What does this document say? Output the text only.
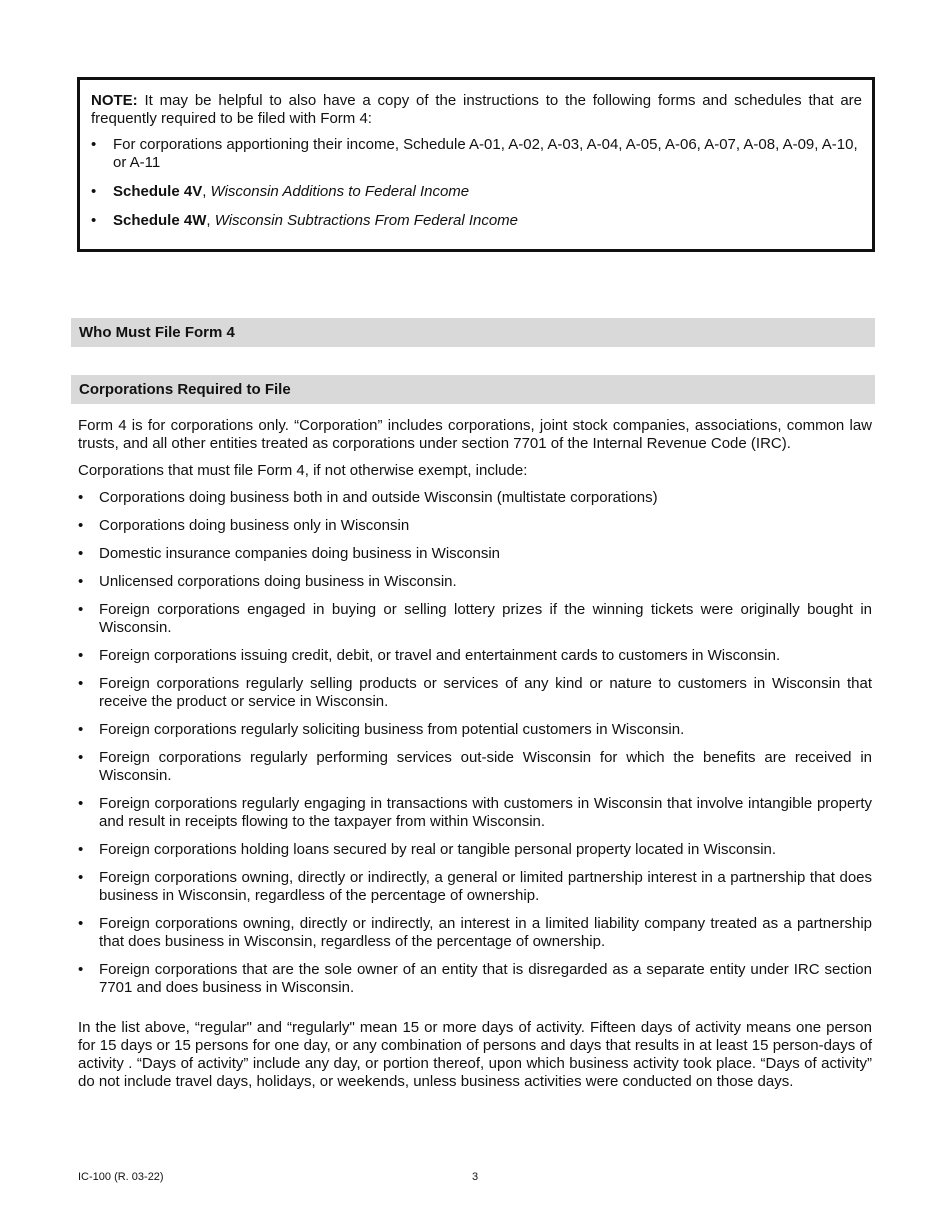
NOTE: It may be helpful to also have a copy of the instructions to the following forms and schedules that are frequently required to be filed with Form 4:

• For corporations apportioning their income, Schedule A-01, A-02, A-03, A-04, A-05, A-06, A-07, A-08, A-09, A-10, or A-11
• Schedule 4V, Wisconsin Additions to Federal Income
• Schedule 4W, Wisconsin Subtractions From Federal Income
Who Must File Form 4
Corporations Required to File

Form 4 is for corporations only. “Corporation” includes corporations, joint stock companies, associations, common law trusts, and all other entities treated as corporations under section 7701 of the Internal Revenue Code (IRC).

Corporations that must file Form 4, if not otherwise exempt, include:

• Corporations doing business both in and outside Wisconsin (multistate corporations)
• Corporations doing business only in Wisconsin
• Domestic insurance companies doing business in Wisconsin
• Unlicensed corporations doing business in Wisconsin.
• Foreign corporations engaged in buying or selling lottery prizes if the winning tickets were originally bought in Wisconsin.
• Foreign corporations issuing credit, debit, or travel and entertainment cards to customers in Wisconsin.
• Foreign corporations regularly selling products or services of any kind or nature to customers in Wisconsin that receive the product or service in Wisconsin.
• Foreign corporations regularly soliciting business from potential customers in Wisconsin.
• Foreign corporations regularly performing services out-side Wisconsin for which the benefits are received in Wisconsin.
• Foreign corporations regularly engaging in transactions with customers in Wisconsin that involve intangible property and result in receipts flowing to the taxpayer from within Wisconsin.
• Foreign corporations holding loans secured by real or tangible personal property located in Wisconsin.
• Foreign corporations owning, directly or indirectly, a general or limited partnership interest in a partnership that does business in Wisconsin, regardless of the percentage of ownership.
• Foreign corporations owning, directly or indirectly, an interest in a limited liability company treated as a partnership that does business in Wisconsin, regardless of the percentage of ownership.
• Foreign corporations that are the sole owner of an entity that is disregarded as a separate entity under IRC section 7701 and does business in Wisconsin.

In the list above, “regular" and “regularly" mean 15 or more days of activity. Fifteen days of activity means one person for 15 days or 15 persons for one day, or any combination of persons and days that results in at least 15 person-days of activity . “Days of activity” include any day, or portion thereof, upon which business activity took place. “Days of activity” do not include travel days, holidays, or weekends, unless business activities were conducted on those days.

IC-100 (R. 03-22)	3
